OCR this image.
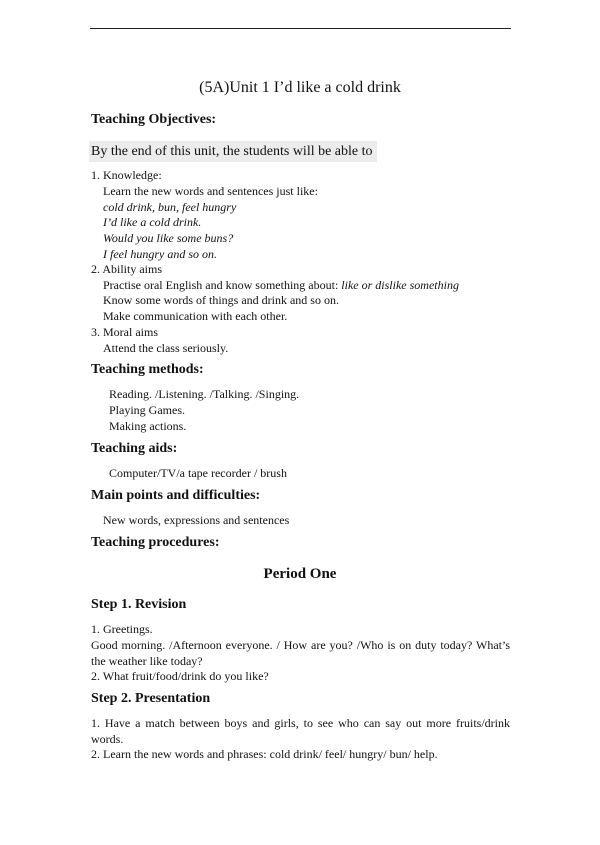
(5A)Unit 1 I’d like a cold drink
Teaching Objectives:
By the end of this unit, the students will be able to
1. Knowledge:
Learn the new words and sentences just like:
cold drink, bun, feel hungry
I’d like a cold drink.
Would you like some buns?
I feel hungry and so on.
2. Ability aims
Practise oral English and know something about: like or dislike something
Know some words of things and drink and so on.
Make communication with each other.
3. Moral aims
Attend the class seriously.
Teaching methods:
Reading. /Listening. /Talking. /Singing.
Playing Games.
Making actions.
Teaching aids:
Computer/TV/a tape recorder / brush
Main points and difficulties:
New words, expressions and sentences
Teaching procedures:
Period One
Step 1. Revision
1. Greetings.
Good morning. /Afternoon everyone. / How are you? /Who is on duty today? What’s the weather like today?
2. What fruit/food/drink do you like?
Step 2. Presentation
1. Have a match between boys and girls, to see who can say out more fruits/drink words.
2. Learn the new words and phrases: cold drink/ feel/ hungry/ bun/ help.
